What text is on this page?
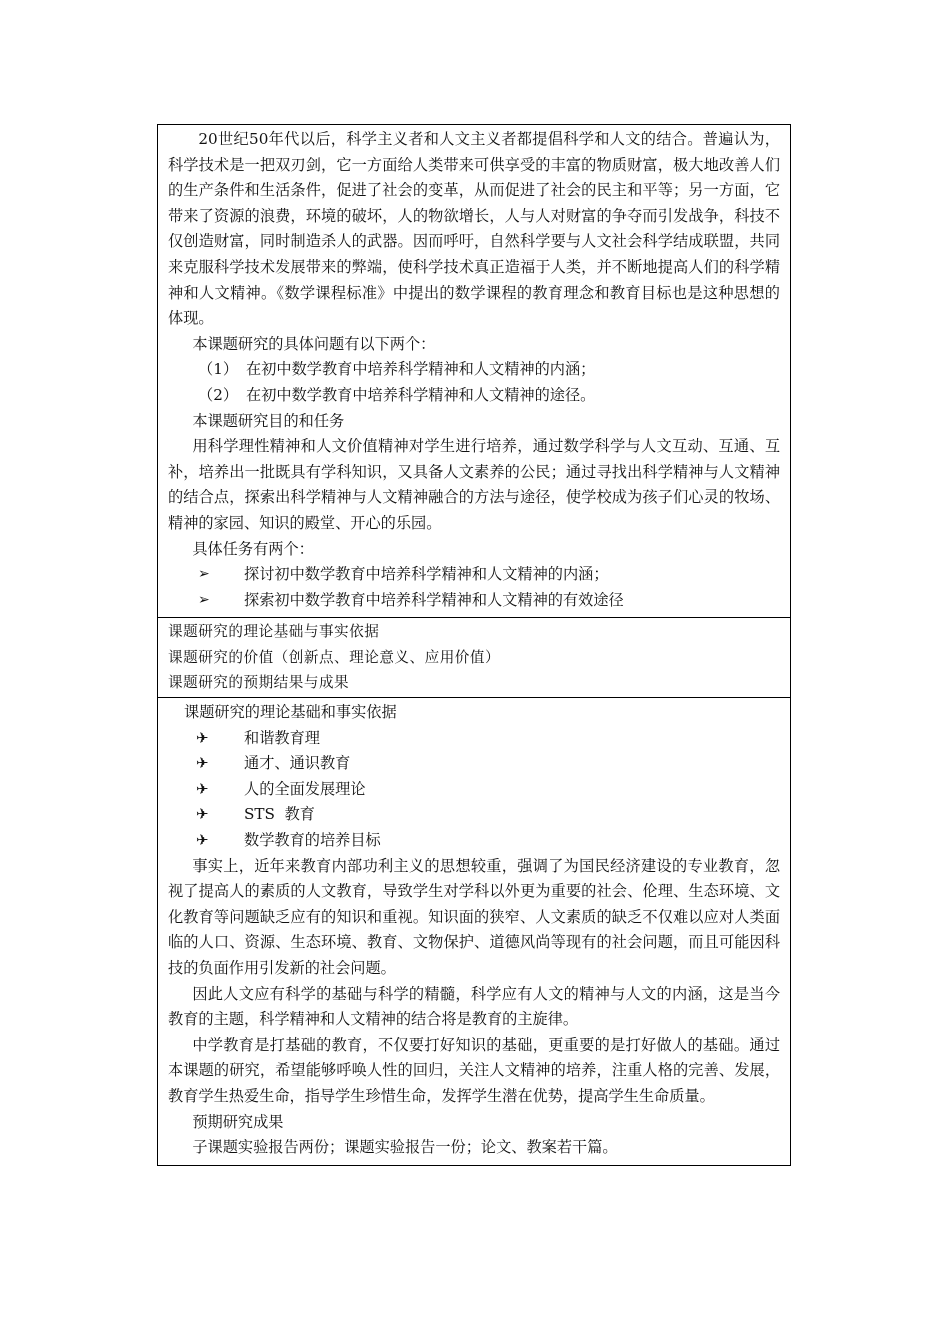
20世纪50年代以后，科学主义者和人文主义者都提倡科学和人文的结合。普遍认为，科学技术是一把双刃剑，它一方面给人类带来可供享受的丰富的物质财富，极大地改善人们的生产条件和生活条件，促进了社会的变革，从而促进了社会的民主和平等；另一方面，它带来了资源的浪费，环境的破坏，人的物欲增长，人与人对财富的争夺而引发战争，科技不仅创造财富，同时制造杀人的武器。因而呼吁，自然科学要与人文社会科学结成联盟，共同来克服科学技术发展带来的弊端，使科学技术真正造福于人类，并不断地提高人们的科学精神和人文精神。《数学课程标准》中提出的数学课程的教育理念和教育目标也是这种思想的体现。

本课题研究的具体问题有以下两个：

（1） 在初中数学教育中培养科学精神和人文精神的内涵；
（2） 在初中数学教育中培养科学精神和人文精神的途径。

本课题研究目的和任务

用科学理性精神和人文价值精神对学生进行培养，通过数学科学与人文互动、互通、互补，培养出一批既具有学科知识，又具备人文素养的公民；通过寻找出科学精神与人文精神的结合点，探索出科学精神与人文精神融合的方法与途径，使学校成为孩子们心灵的牧场、精神的家园、知识的殿堂、开心的乐园。

具体任务有两个：

➢	探讨初中数学教育中培养科学精神和人文精神的内涵；
➢	探索初中数学教育中培养科学精神和人文精神的有效途径

课题研究的理论基础与事实依据

课题研究的价值（创新点、理论意义、应用价值）

课题研究的预期结果与成果

课题研究的理论基础和事实依据

✈	和谐教育理
✈	通才、通识教育
✈	人的全面发展理论
✈	STS  教育
✈	数学教育的培养目标

事实上，近年来教育内部功利主义的思想较重，强调了为国民经济建设的专业教育，忽视了提高人的素质的人文教育，导致学生对学科以外更为重要的社会、伦理、生态环境、文化教育等问题缺乏应有的知识和重视。知识面的狭窄、人文素质的缺乏不仅难以应对人类面临的人口、资源、生态环境、教育、文物保护、道德风尚等现有的社会问题，而且可能因科技的负面作用引发新的社会问题。

因此人文应有科学的基础与科学的精髓，科学应有人文的精神与人文的内涵，这是当今教育的主题，科学精神和人文精神的结合将是教育的主旋律。

中学教育是打基础的教育，不仅要打好知识的基础，更重要的是打好做人的基础。通过本课题的研究，希望能够呼唤人性的回归，关注人文精神的培养，注重人格的完善、发展，教育学生热爱生命，指导学生珍惜生命，发挥学生潜在优势，提高学生生命质量。

预期研究成果

子课题实验报告两份；课题实验报告一份；论文、教案若干篇。
